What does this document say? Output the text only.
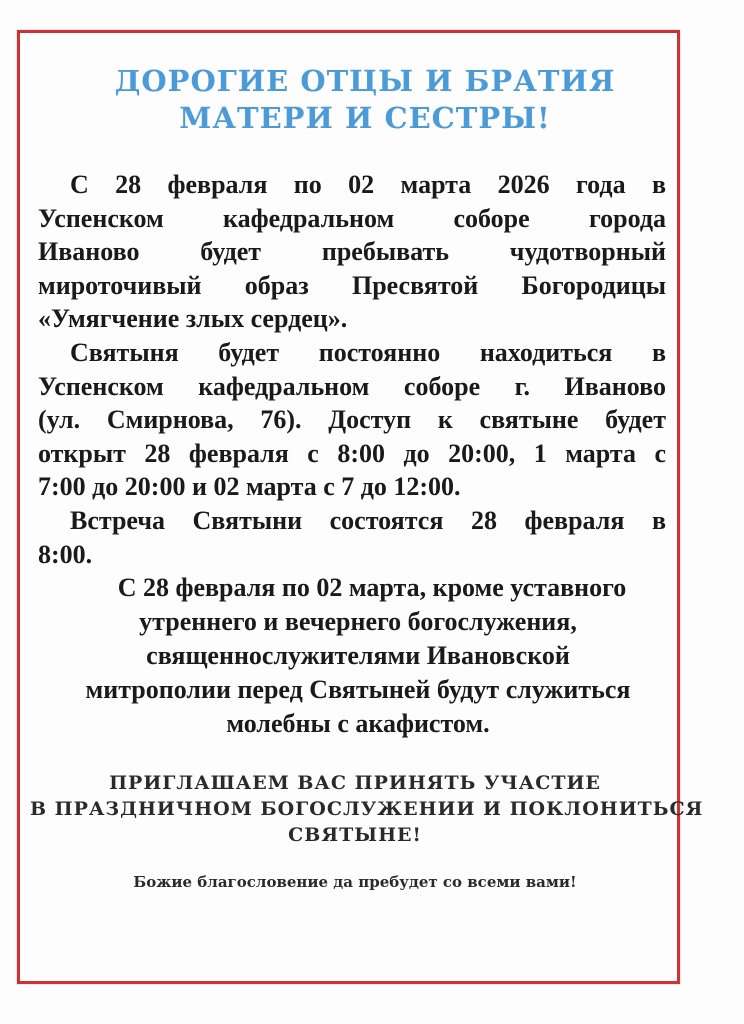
ДОРОГИЕ ОТЦЫ И БРАТИЯ
МАТЕРИ И СЕСТРЫ!
С 28 февраля по 02 марта 2026 года в
Успенском кафедральном соборе города
Иваново будет пребывать чудотворный
мироточивый образ Пресвятой Богородицы
«Умягчение злых сердец».
Святыня будет постоянно находиться в
Успенском кафедральном соборе г. Иваново
(ул. Смирнова, 76). Доступ к святыне будет
открыт 28 февраля с 8:00 до 20:00, 1 марта с
7:00 до 20:00 и 02 марта с 7 до 12:00.
Встреча Святыни состоятся 28 февраля в
8:00.
С 28 февраля по 02 марта, кроме уставного
утреннего и вечернего богослужения,
священнослужителями Ивановской
митрополии перед Святыней будут служиться
молебны с акафистом.
ПРИГЛАШАЕМ ВАС ПРИНЯТЬ УЧАСТИЕ
В ПРАЗДНИЧНОМ БОГОСЛУЖЕНИИ И ПОКЛОНИТЬСЯ
СВЯТЫНЕ!
Божие благословение да пребудет со всеми вами!
